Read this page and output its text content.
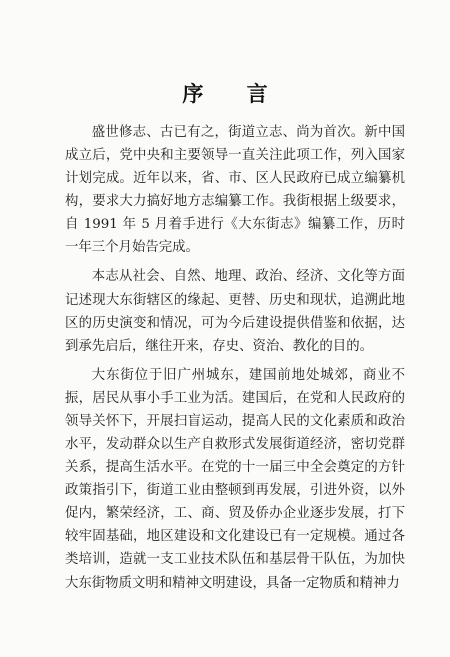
序 言

盛世修志、古已有之，街道立志、尚为首次。新中国成立后，党中央和主要领导一直关注此项工作，列入国家计划完成。近年以来，省、市、区人民政府已成立编纂机构，要求大力搞好地方志编纂工作。我街根据上级要求，自 1991 年 5 月着手进行《大东街志》编纂工作，历时一年三个月始告完成。

本志从社会、自然、地理、政治、经济、文化等方面记述现大东街辖区的缘起、更替、历史和现状，追溯此地区的历史演变和情况，可为今后建设提供借鉴和依据，达到承先启后，继往开来，存史、资治、教化的目的。

大东街位于旧广州城东，建国前地处城郊，商业不振，居民从事小手工业为活。建国后，在党和人民政府的领导关怀下，开展扫盲运动，提高人民的文化素质和政治水平，发动群众以生产自救形式发展街道经济，密切党群关系，提高生活水平。在党的十一届三中全会奠定的方针政策指引下，街道工业由整顿到再发展，引进外资，以外促内，繁荣经济，工、商、贸及侨办企业逐步发展，打下较牢固基础，地区建设和文化建设已有一定规模。通过各类培训，造就一支工业技术队伍和基层骨干队伍，为加快大东街物质文明和精神文明建设，具备一定物质和精神力
